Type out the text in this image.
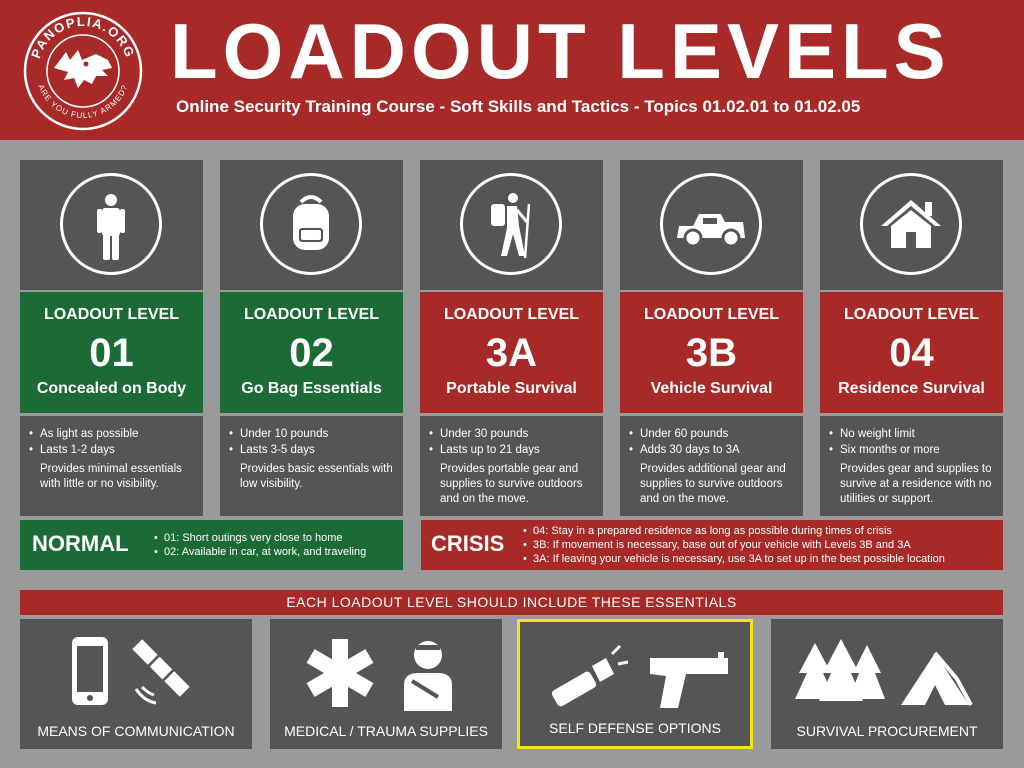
PANOPLIA.ORG
ARE YOU FULLY ARMED? LOADOUT LEVELS
Online Security Training Course - Soft Skills and Tactics - Topics 01.02.01 to 01.02.05
LOADOUT LEVEL
01
Concealed on Body
• As light as possible
• Lasts 1-2 days

Provides minimal essentials with little or no visibility.

LOADOUT LEVEL
02
Go Bag Essentials
• Under 10 pounds
• Lasts 3-5 days

Provides basic essentials with low visibility.

LOADOUT LEVEL
3A
Portable Survival
• Under 30 pounds
• Lasts up to 21 days

Provides portable gear and supplies to survive outdoors and on the move.

LOADOUT LEVEL
3B
Vehicle Survival
• Under 60 pounds
• Adds 30 days to 3A

Provides additional gear and supplies to survive outdoors and on the move.

LOADOUT LEVEL
04
Residence Survival
• No weight limit
• Six months or more

Provides gear and supplies to survive at a residence with no utilities or support.

NORMAL	• 01: Short outings very close to home
• 02: Available in car, at work, and traveling	CRISIS	• 04: Stay in a prepared residence as long as possible during times of crisis
• 3B: If movement is necessary, base out of your vehicle with Levels 3B and 3A
• 3A: If leaving your vehicle is necessary, use 3A to set up in the best possible location
EACH LOADOUT LEVEL SHOULD INCLUDE THESE ESSENTIALS
MEANS OF COMMUNICATION	MEDICAL / TRAUMA SUPPLIES	SELF DEFENSE OPTIONS	SURVIVAL PROCUREMENT
